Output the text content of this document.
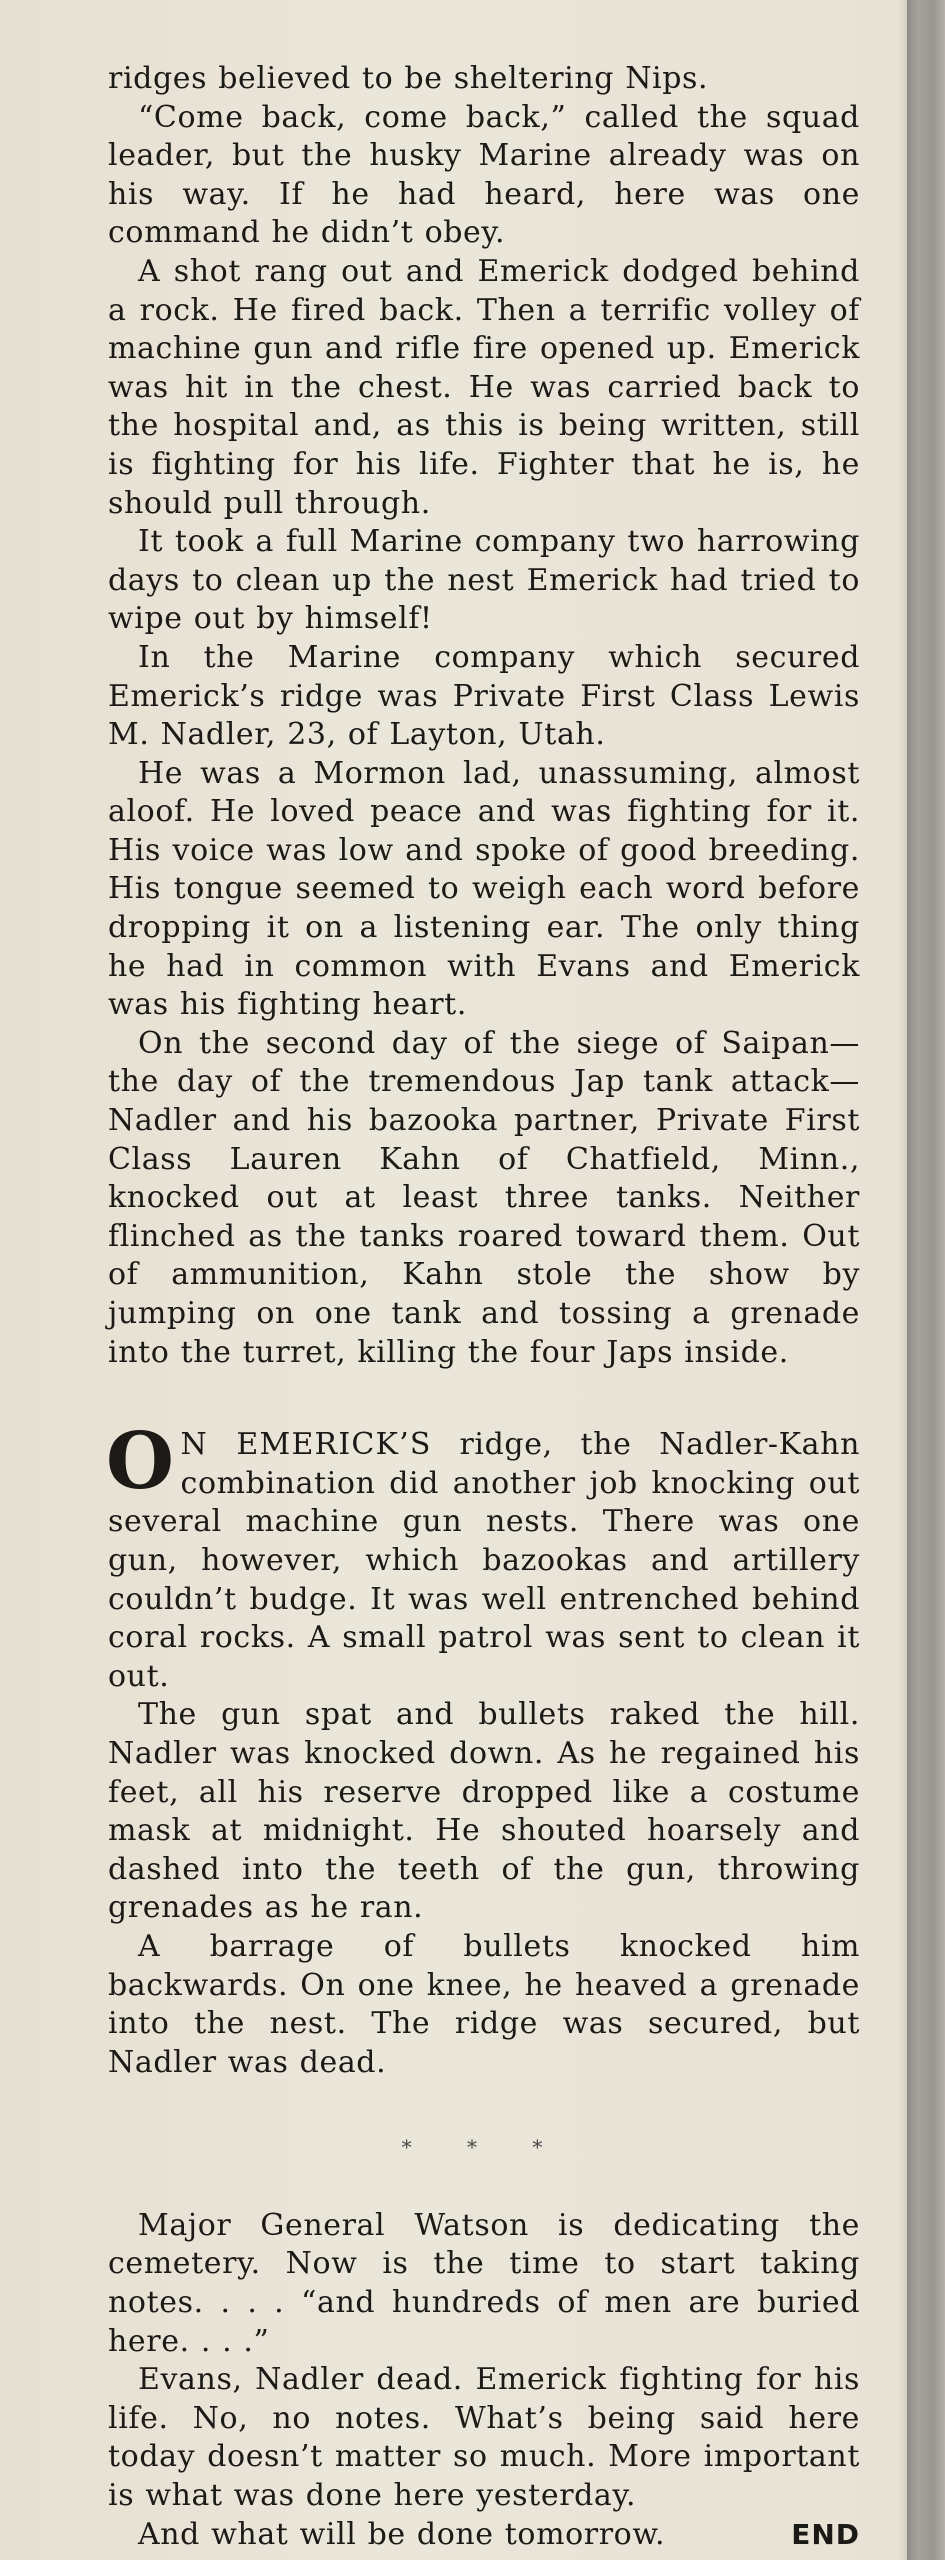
ridges believed to be sheltering Nips.

“Come back, come back,” called the squad leader, but the husky Marine already was on his way. If he had heard, here was one command he didn’t obey.

A shot rang out and Emerick dodged behind a rock. He fired back. Then a terrific volley of machine gun and rifle fire opened up. Emerick was hit in the chest. He was carried back to the hospital and, as this is being written, still is fighting for his life. Fighter that he is, he should pull through.

It took a full Marine company two harrowing days to clean up the nest Emerick had tried to wipe out by himself!

In the Marine company which secured Emerick’s ridge was Private First Class Lewis M. Nadler, 23, of Layton, Utah.

He was a Mormon lad, unassuming, almost aloof. He loved peace and was fighting for it. His voice was low and spoke of good breeding. His tongue seemed to weigh each word before dropping it on a listening ear. The only thing he had in common with Evans and Emerick was his fighting heart.

On the second day of the siege of Saipan—the day of the tremendous Jap tank attack—Nadler and his bazooka partner, Private First Class Lauren Kahn of Chatfield, Minn., knocked out at least three tanks. Neither flinched as the tanks roared toward them. Out of ammunition, Kahn stole the show by jumping on one tank and tossing a grenade into the turret, killing the four Japs inside.

O N EMERICK’S ridge, the Nadler-Kahn combination did another job knocking out several machine gun nests. There was one gun, however, which bazookas and artillery couldn’t budge. It was well entrenched behind coral rocks. A small patrol was sent to clean it out.

The gun spat and bullets raked the hill. Nadler was knocked down. As he regained his feet, all his reserve dropped like a costume mask at midnight. He shouted hoarsely and dashed into the teeth of the gun, throwing grenades as he ran.

A barrage of bullets knocked him backwards. On one knee, he heaved a grenade into the nest. The ridge was secured, but Nadler was dead.

* * *

Major General Watson is dedicating the cemetery. Now is the time to start taking notes. . . . “and hundreds of men are buried here. . . .”

Evans, Nadler dead. Emerick fighting for his life. No, no notes. What’s being said here today doesn’t matter so much. More important is what was done here yesterday.

And what will be done tomorrow.	END
